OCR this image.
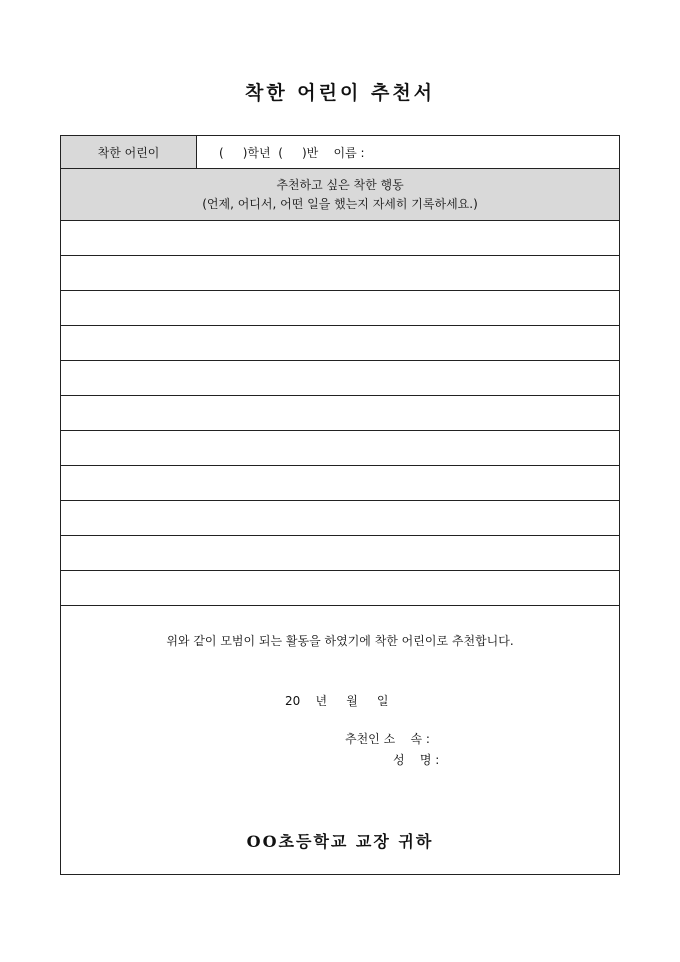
착한 어린이 추천서
착한 어린이	(     )학년  (     )반    이름 :
추천하고 싶은 착한 행동
(언제, 어디서, 어떤 일을 했는지 자세히 기록하세요.)
위와 같이 모범이 되는 활동을 하였기에 착한 어린이로 추천합니다.
20    년     월     일
추천인 소    속 :
성    명 :
OO초등학교 교장 귀하
